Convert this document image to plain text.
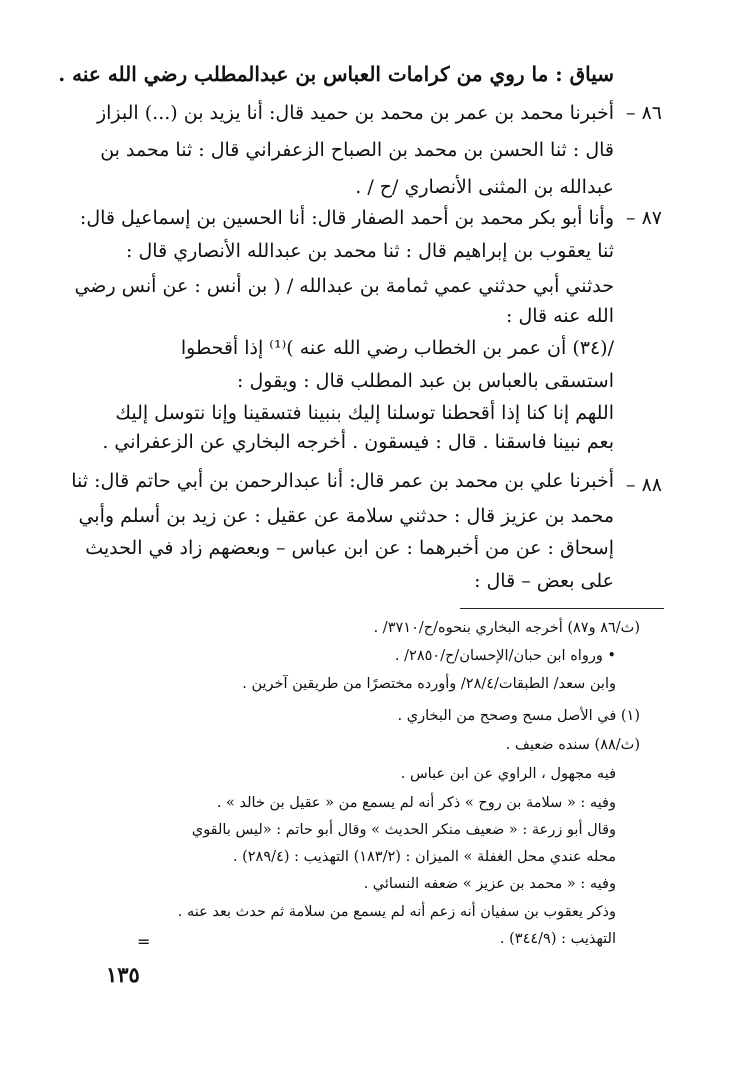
سياق : ما روي من كرامات العباس بن عبدالمطلب رضي الله عنه .
٨٦ –
أخبرنا محمد بن عمر بن محمد بن حميد قال: أنا يزيد بن (...) البزاز
قال : ثنا الحسن بن محمد بن الصباح الزعفراني قال : ثنا محمد بن
عبدالله بن المثنى الأنصاري /ح / .
٨٧ –
وأنا أبو بكر محمد بن أحمد الصفار قال: أنا الحسين بن إسماعيل قال:
ثنا يعقوب بن إبراهيم قال : ثنا محمد بن عبدالله الأنصاري قال :
حدثني أبي حدثني عمي ثمامة بن عبدالله / ( بن أنس : عن أنس رضي
الله عنه قال :
/(٣٤) أن عمر بن الخطاب رضي الله عنه )⁽¹⁾ إذا أقحطوا
استسقى بالعباس بن عبد المطلب قال : ويقول :
اللهم إنا كنا إذا أقحطنا توسلنا إليك بنبينا فتسقينا وإنا نتوسل إليك
بعم نبينا فاسقنا . قال : فيسقون . أخرجه البخاري عن الزعفراني .
٨٨ –
أخبرنا علي بن محمد بن عمر قال: أنا عبدالرحمن بن أبي حاتم قال: ثنا
محمد بن عزيز قال : حدثني سلامة عن عقيل : عن زيد بن أسلم وأبي
إسحاق : عن من أخبرهما : عن ابن عباس – وبعضهم زاد في الحديث
على بعض – قال :
(ث/٨٦ و٨٧) أخرجه البخاري بنحوه/ح/٣٧١٠/ .
• ورواه ابن حبان/الإحسان/ح/٢٨٥٠/ .
وابن سعد/ الطبقات/٢٨/٤/ وأورده مختصرًا من طريقين آخرين .
(١) في الأصل مسح وصحح من البخاري .
(ث/٨٨) سنده ضعيف .
فيه مجهول ، الراوي عن ابن عباس .
وفيه : « سلامة بن روح » ذكر أنه لم يسمع من « عقيل بن خالد » .
وقال أبو زرعة : « ضعيف منكر الحديث » وقال أبو حاتم : «ليس بالقوي
محله عندي محل الغفلة » الميزان : (١٨٣/٢) التهذيب : (٢٨٩/٤) .
وفيه : « محمد بن عزيز » ضعفه النسائي .
وذكر يعقوب بن سفيان أنه زعم أنه لم يسمع من سلامة ثم حدث بعد عنه .
التهذيب : (٣٤٤/٩) .
=
١٣٥
